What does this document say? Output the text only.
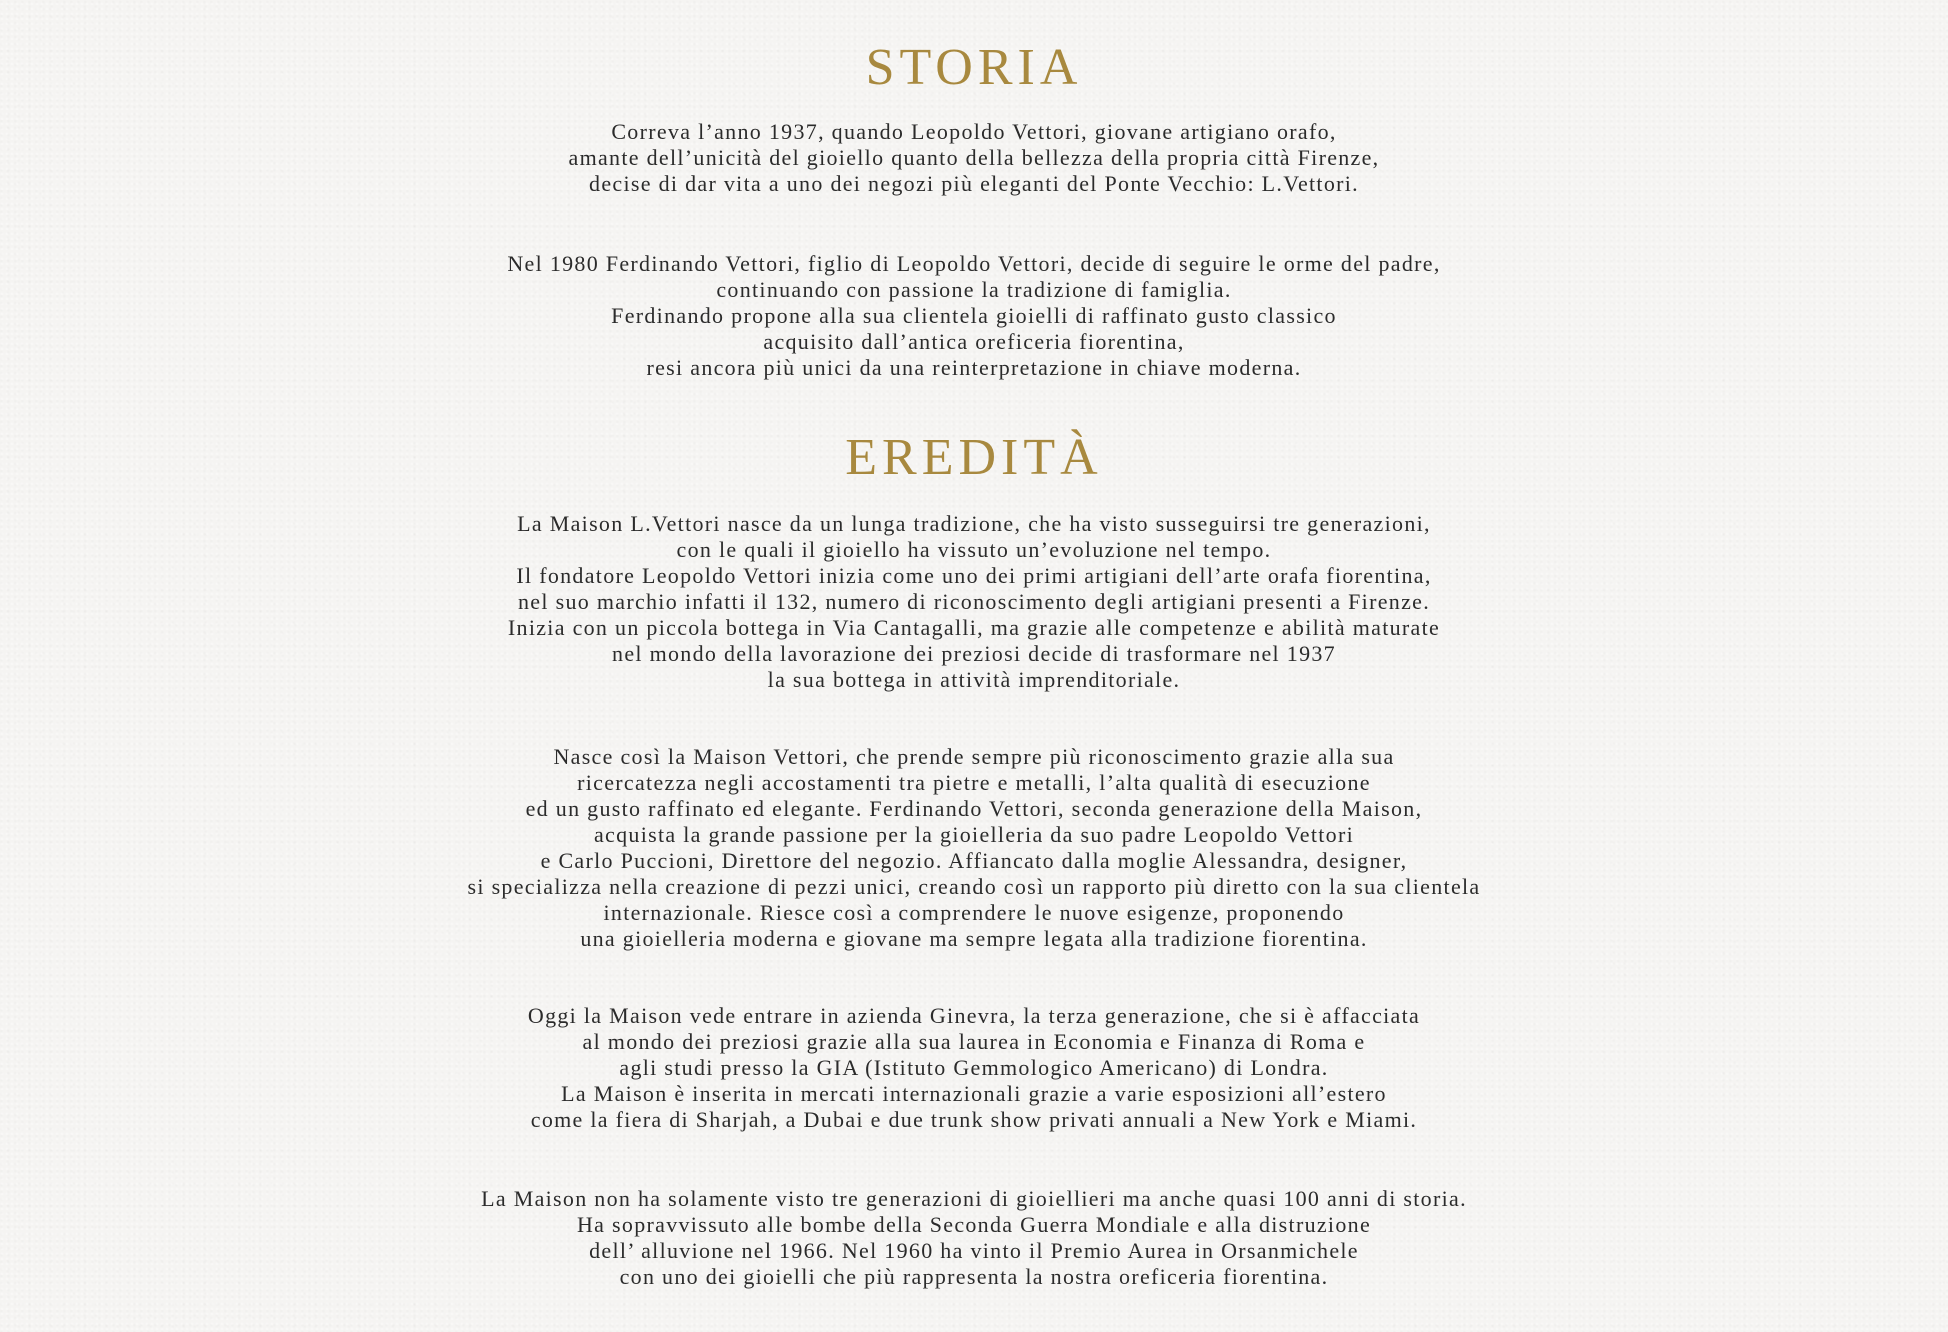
STORIA

Correva l’anno 1937, quando Leopoldo Vettori, giovane artigiano orafo,
amante dell’unicità del gioiello quanto della bellezza della propria città Firenze,
decise di dar vita a uno dei negozi più eleganti del Ponte Vecchio: L.Vettori.

Nel 1980 Ferdinando Vettori, figlio di Leopoldo Vettori, decide di seguire le orme del padre,
continuando con passione la tradizione di famiglia.
Ferdinando propone alla sua clientela gioielli di raffinato gusto classico
acquisito dall’antica oreficeria fiorentina,
resi ancora più unici da una reinterpretazione in chiave moderna.

EREDITÀ

La Maison L.Vettori nasce da un lunga tradizione, che ha visto susseguirsi tre generazioni,
con le quali il gioiello ha vissuto un’evoluzione nel tempo.
Il fondatore Leopoldo Vettori inizia come uno dei primi artigiani dell’arte orafa fiorentina,
nel suo marchio infatti il 132, numero di riconoscimento degli artigiani presenti a Firenze.
Inizia con un piccola bottega in Via Cantagalli, ma grazie alle competenze e abilità maturate
nel mondo della lavorazione dei preziosi decide di trasformare nel 1937
la sua bottega in attività imprenditoriale.

Nasce così la Maison Vettori, che prende sempre più riconoscimento grazie alla sua
ricercatezza negli accostamenti tra pietre e metalli, l’alta qualità di esecuzione
ed un gusto raffinato ed elegante. Ferdinando Vettori, seconda generazione della Maison,
acquista la grande passione per la gioielleria da suo padre Leopoldo Vettori
e Carlo Puccioni, Direttore del negozio. Affiancato dalla moglie Alessandra, designer,
si specializza nella creazione di pezzi unici, creando così un rapporto più diretto con la sua clientela
internazionale. Riesce così a comprendere le nuove esigenze, proponendo
una gioielleria moderna e giovane ma sempre legata alla tradizione fiorentina.

Oggi la Maison vede entrare in azienda Ginevra, la terza generazione, che si è affacciata
al mondo dei preziosi grazie alla sua laurea in Economia e Finanza di Roma e
agli studi presso la GIA (Istituto Gemmologico Americano) di Londra.
La Maison è inserita in mercati internazionali grazie a varie esposizioni all’estero
come la fiera di Sharjah, a Dubai e due trunk show privati annuali a New York e Miami.

La Maison non ha solamente visto tre generazioni di gioiellieri ma anche quasi 100 anni di storia.
Ha sopravvissuto alle bombe della Seconda Guerra Mondiale e alla distruzione
dell’ alluvione nel 1966. Nel 1960 ha vinto il Premio Aurea in Orsanmichele
con uno dei gioielli che più rappresenta la nostra oreficeria fiorentina.
